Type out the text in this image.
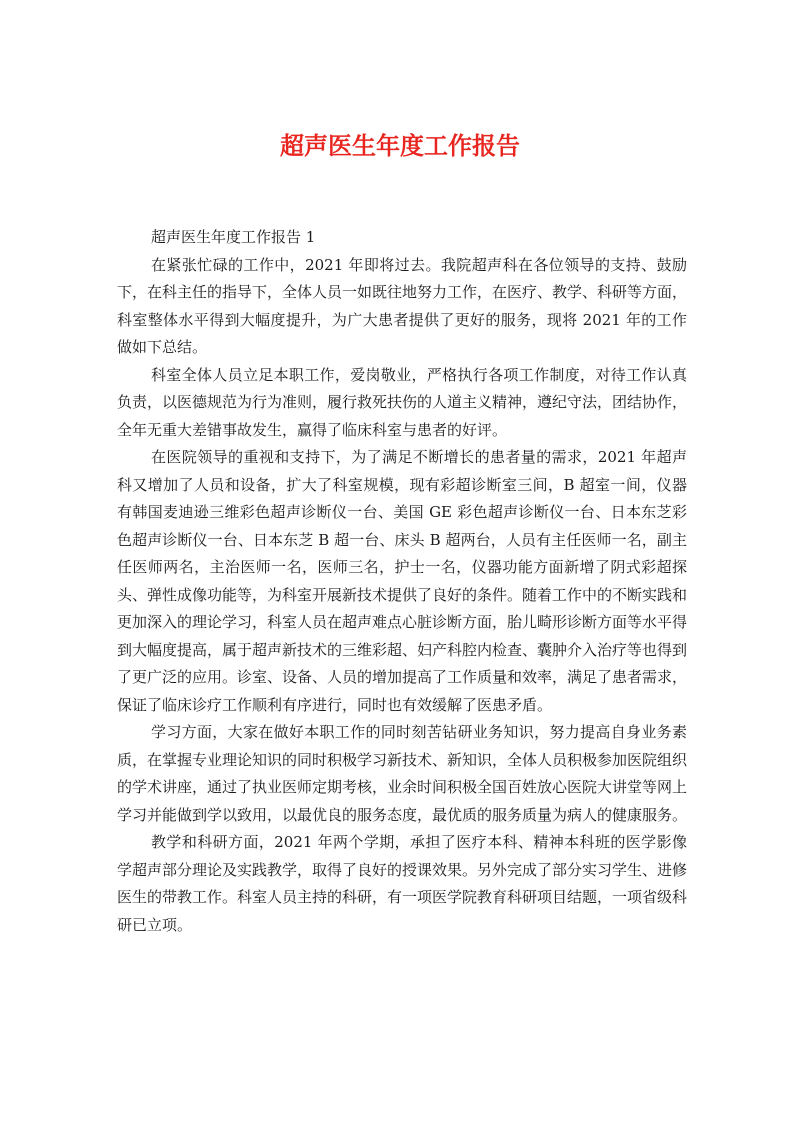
超声医生年度工作报告

超声医生年度工作报告 1

在紧张忙碌的工作中，2021 年即将过去。我院超声科在各位领导的支持、鼓励下，在科主任的指导下，全体人员一如既往地努力工作，在医疗、教学、科研等方面，科室整体水平得到大幅度提升，为广大患者提供了更好的服务，现将 2021 年的工作做如下总结。

科室全体人员立足本职工作，爱岗敬业，严格执行各项工作制度，对待工作认真负责，以医德规范为行为准则，履行救死扶伤的人道主义精神，遵纪守法，团结协作，全年无重大差错事故发生，赢得了临床科室与患者的好评。

在医院领导的重视和支持下，为了满足不断增长的患者量的需求，2021 年超声科又增加了人员和设备，扩大了科室规模，现有彩超诊断室三间，B 超室一间，仪器有韩国麦迪逊三维彩色超声诊断仪一台、美国 GE 彩色超声诊断仪一台、日本东芝彩色超声诊断仪一台、日本东芝 B 超一台、床头 B 超两台，人员有主任医师一名，副主任医师两名，主治医师一名，医师三名，护士一名，仪器功能方面新增了阴式彩超探头、弹性成像功能等，为科室开展新技术提供了良好的条件。随着工作中的不断实践和更加深入的理论学习，科室人员在超声难点心脏诊断方面，胎儿畸形诊断方面等水平得到大幅度提高，属于超声新技术的三维彩超、妇产科腔内检查、囊肿介入治疗等也得到了更广泛的应用。诊室、设备、人员的增加提高了工作质量和效率，满足了患者需求，保证了临床诊疗工作顺利有序进行，同时也有效缓解了医患矛盾。

学习方面，大家在做好本职工作的同时刻苦钻研业务知识，努力提高自身业务素质，在掌握专业理论知识的同时积极学习新技术、新知识，全体人员积极参加医院组织的学术讲座，通过了执业医师定期考核，业余时间积极全国百姓放心医院大讲堂等网上学习并能做到学以致用，以最优良的服务态度，最优质的服务质量为病人的健康服务。

教学和科研方面，2021 年两个学期，承担了医疗本科、精神本科班的医学影像学超声部分理论及实践教学，取得了良好的授课效果。另外完成了部分实习学生、进修医生的带教工作。科室人员主持的科研，有一项医学院教育科研项目结题，一项省级科研已立项。
